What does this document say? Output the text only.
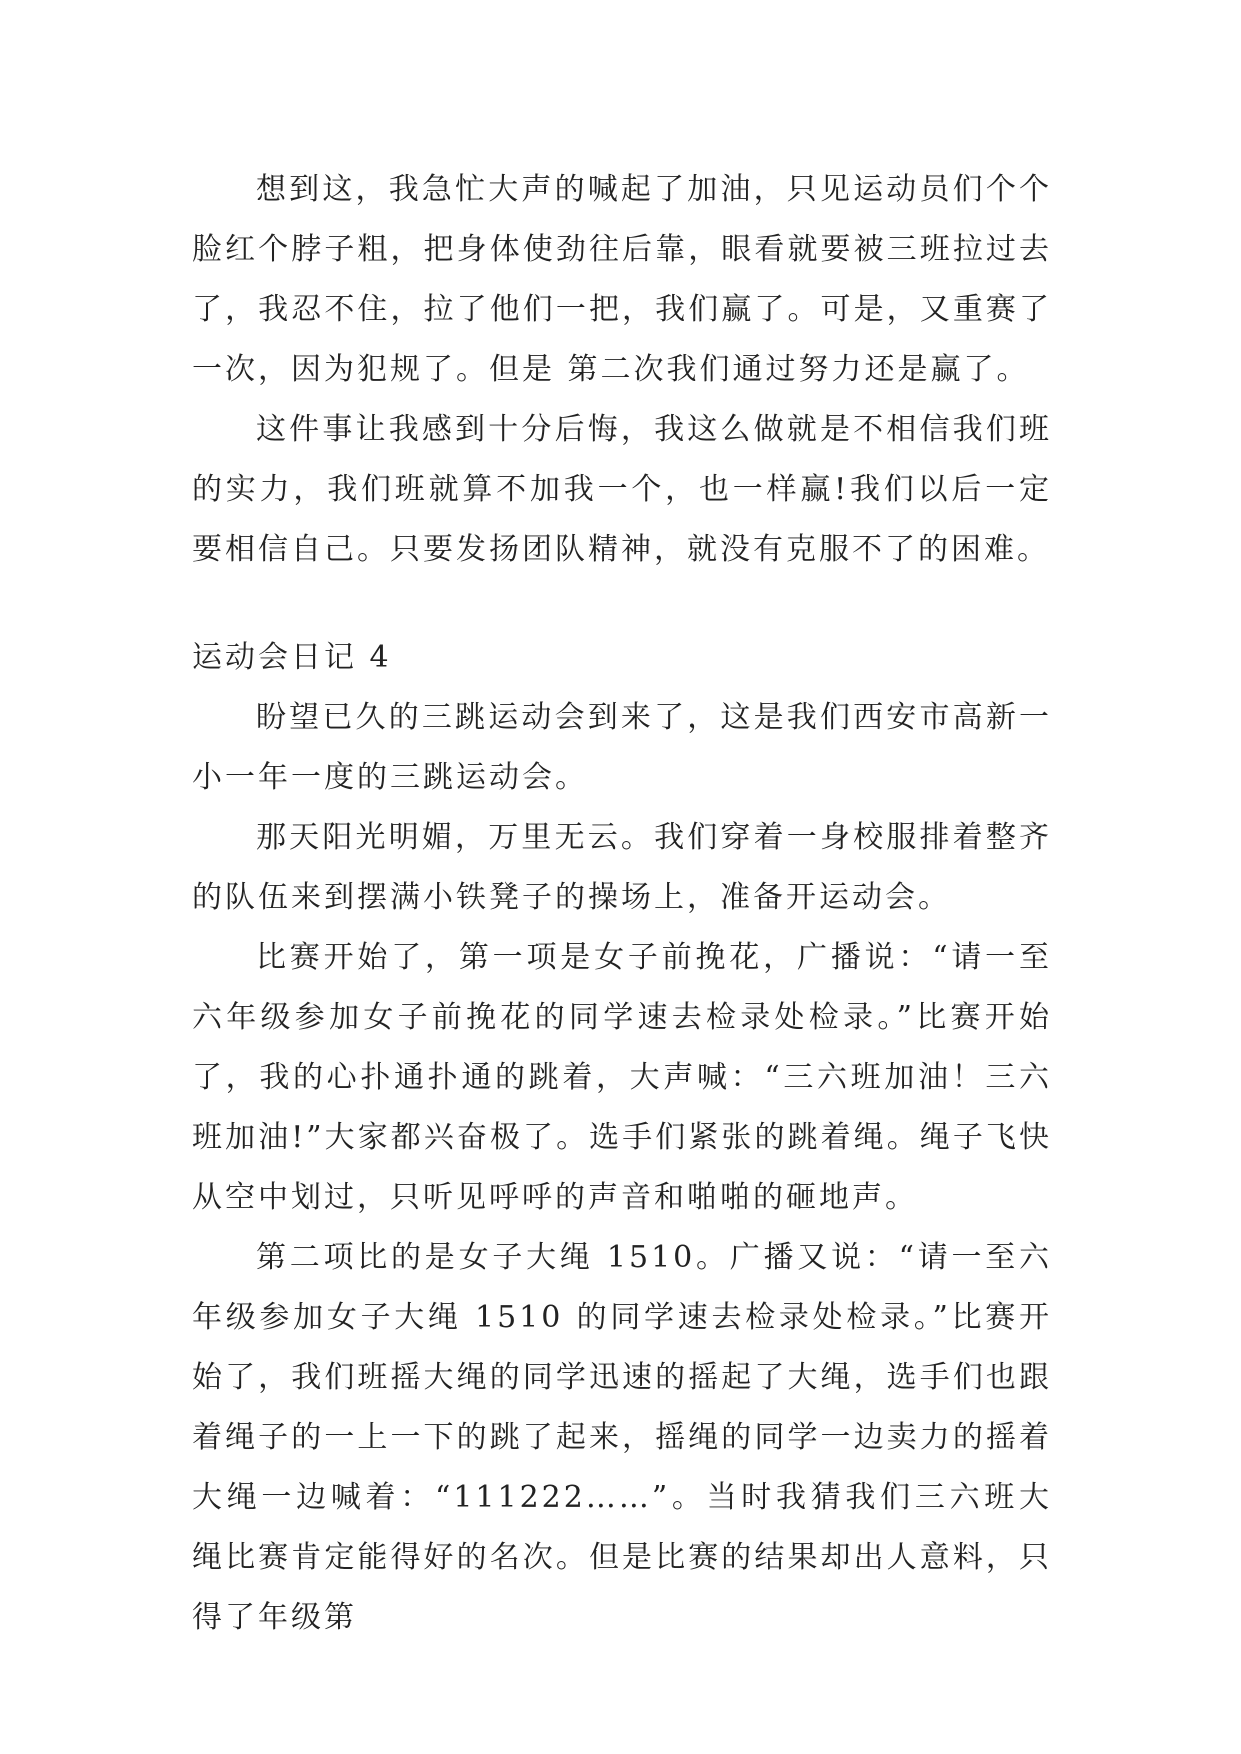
想到这，我急忙大声的喊起了加油，只见运动员们个个脸红个脖子粗，把身体使劲往后靠，眼看就要被三班拉过去了，我忍不住，拉了他们一把，我们赢了。可是，又重赛了一次，因为犯规了。但是 第二次我们通过努力还是赢了。

这件事让我感到十分后悔，我这么做就是不相信我们班的实力，我们班就算不加我一个，也一样赢!我们以后一定要相信自己。只要发扬团队精神，就没有克服不了的困难。

运动会日记 4

盼望已久的三跳运动会到来了，这是我们西安市高新一小一年一度的三跳运动会。

那天阳光明媚，万里无云。我们穿着一身校服排着整齐的队伍来到摆满小铁凳子的操场上，准备开运动会。

比赛开始了，第一项是女子前挽花，广播说：“请一至六年级参加女子前挽花的同学速去检录处检录。”比赛开始了，我的心扑通扑通的跳着，大声喊：“三六班加油！三六班加油!”大家都兴奋极了。选手们紧张的跳着绳。绳子飞快从空中划过，只听见呼呼的声音和啪啪的砸地声。

第二项比的是女子大绳 1510。广播又说：“请一至六年级参加女子大绳 1510 的同学速去检录处检录。”比赛开始了，我们班摇大绳的同学迅速的摇起了大绳，选手们也跟着绳子的一上一下的跳了起来，摇绳的同学一边卖力的摇着大绳一边喊着：“111222……”。当时我猜我们三六班大绳比赛肯定能得好的名次。但是比赛的结果却出人意料，只得了年级第
